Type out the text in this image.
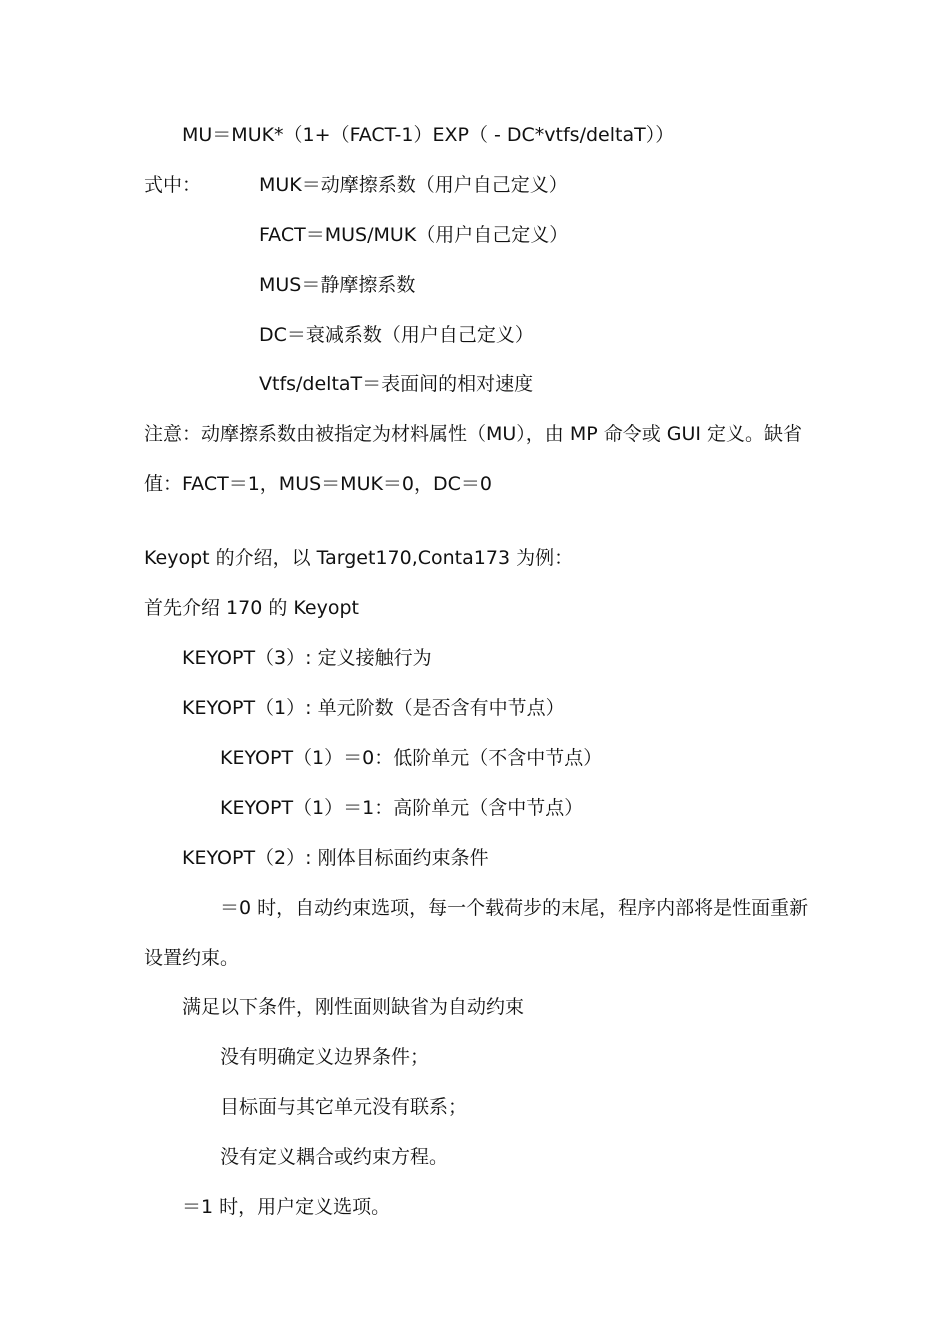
MU＝MUK*（1+（FACT-1）EXP（ - DC*vtfs/deltaT））
式中：	MUK＝动摩擦系数（用户自己定义）
FACT＝MUS/MUK（用户自己定义）
MUS＝静摩擦系数
DC＝衰减系数（用户自己定义）
Vtfs/deltaT＝表面间的相对速度
注意：动摩擦系数由被指定为材料属性（MU），由 MP 命令或 GUI 定义。缺省
值：FACT＝1，MUS＝MUK＝0，DC＝0
Keyopt 的介绍，以 Target170,Conta173 为例：
首先介绍 170 的 Keyopt
KEYOPT（3）: 定义接触行为
KEYOPT（1）: 单元阶数（是否含有中节点）
KEYOPT（1）＝0：低阶单元（不含中节点）
KEYOPT（1）＝1：高阶单元（含中节点）
KEYOPT（2）: 刚体目标面约束条件
＝0 时，自动约束选项，每一个载荷步的末尾，程序内部将是性面重新
设置约束。
满足以下条件，刚性面则缺省为自动约束
没有明确定义边界条件；
目标面与其它单元没有联系；
没有定义耦合或约束方程。
＝1 时，用户定义选项。
